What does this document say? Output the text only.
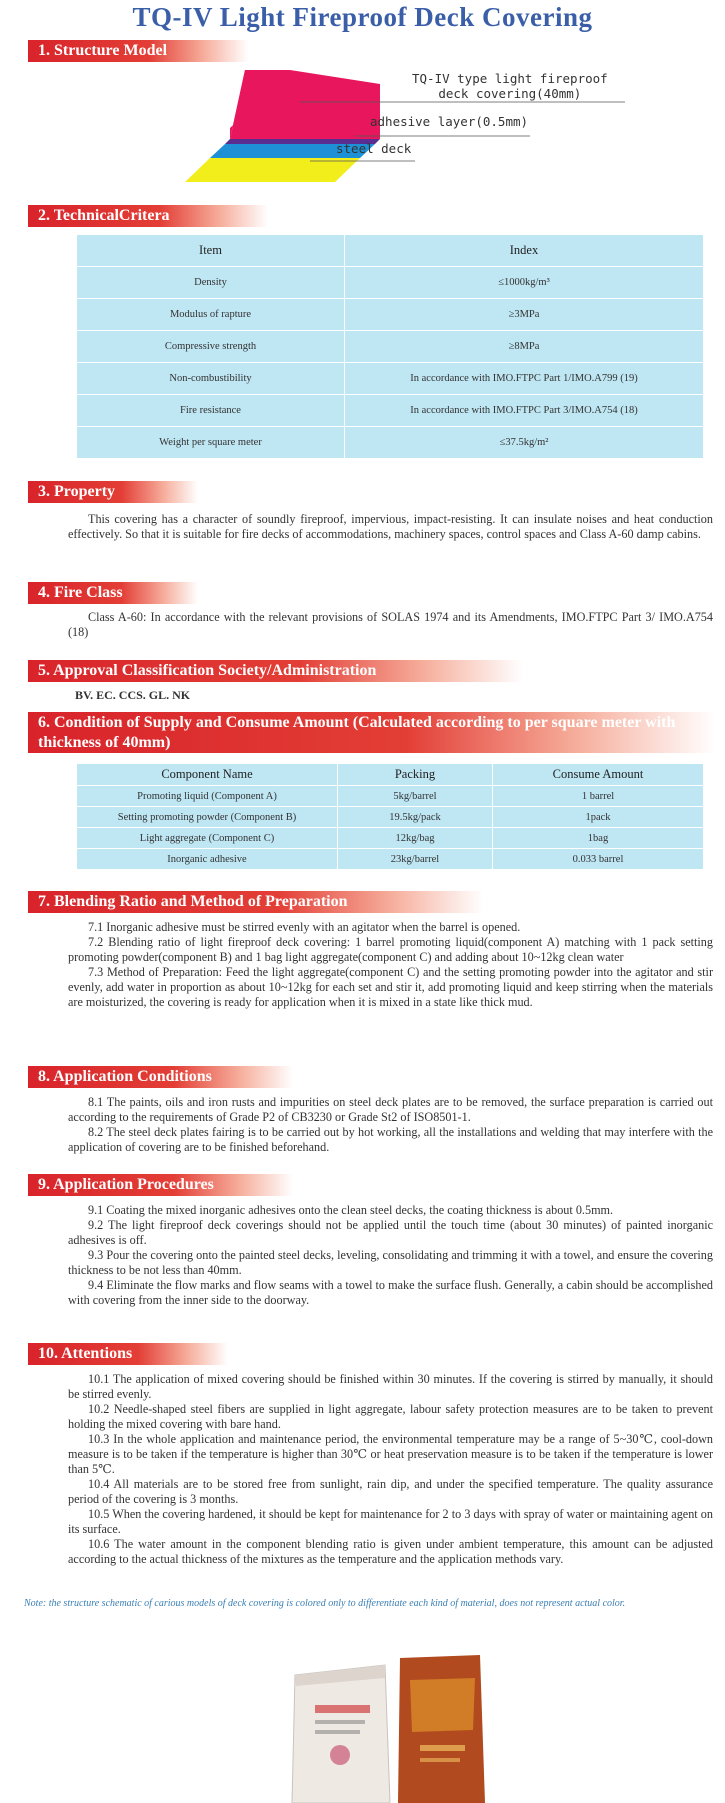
TQ-IV Light Fireproof Deck Covering
1. Structure Model
TQ-IV type light fireproof
deck covering(40mm)
adhesive layer(0.5mm)
steel deck
2. TechnicalCritera
Item	Index
Density	≤1000kg/m³
Modulus of rapture	≥3MPa
Compressive strength	≥8MPa
Non-combustibility	In accordance with IMO.FTPC Part 1/IMO.A799 (19)
Fire resistance	In accordance with IMO.FTPC Part 3/IMO.A754 (18)
Weight per square meter	≤37.5kg/m²
3. Property

This covering has a character of soundly fireproof, impervious, impact-resisting. It can insulate noises and heat conduction effectively. So that it is suitable for fire decks of accommodations, machinery spaces, control spaces and Class A-60 damp cabins.

4. Fire Class

Class A-60: In accordance with the relevant provisions of SOLAS 1974 and its Amendments, IMO.FTPC Part 3/ IMO.A754 (18)

5. Approval Classification Society/Administration
BV. EC. CCS. GL. NK
6. Condition of Supply and Consume Amount (Calculated according to per square meter with thickness of 40mm)
Component Name	Packing	Consume Amount
Promoting liquid (Component A)	5kg/barrel	1 barrel
Setting promoting powder (Component B)	19.5kg/pack	1pack
Light aggregate (Component C)	12kg/bag	1bag
Inorganic adhesive	23kg/barrel	0.033 barrel
7. Blending Ratio and Method of Preparation

7.1 Inorganic adhesive must be stirred evenly with an agitator when the barrel is opened.

7.2 Blending ratio of light fireproof deck covering: 1 barrel promoting liquid(component A) matching with 1 pack setting promoting powder(component B) and 1 bag light aggregate(component C) and adding about 10~12kg clean water

7.3 Method of Preparation: Feed the light aggregate(component C) and the setting promoting powder into the agitator and stir evenly, add water in proportion as about 10~12kg for each set and stir it, add promoting liquid and keep stirring when the materials are moisturized, the covering is ready for application when it is mixed in a state like thick mud.

8. Application Conditions

8.1 The paints, oils and iron rusts and impurities on steel deck plates are to be removed, the surface preparation is carried out according to the requirements of Grade P2 of CB3230 or Grade St2 of ISO8501-1.

8.2 The steel deck plates fairing is to be carried out by hot working, all the installations and welding that may interfere with the application of covering are to be finished beforehand.

9. Application Procedures

9.1 Coating the mixed inorganic adhesives onto the clean steel decks, the coating thickness is about 0.5mm.

9.2 The light fireproof deck coverings should not be applied until the touch time (about 30 minutes) of painted inorganic adhesives is off.

9.3 Pour the covering onto the painted steel decks, leveling, consolidating and trimming it with a towel, and ensure the covering thickness to be not less than 40mm.

9.4 Eliminate the flow marks and flow seams with a towel to make the surface flush. Generally, a cabin should be accomplished with covering from the inner side to the doorway.

10. Attentions

10.1 The application of mixed covering should be finished within 30 minutes. If the covering is stirred by manually, it should be stirred evenly.

10.2 Needle-shaped steel fibers are supplied in light aggregate, labour safety protection measures are to be taken to prevent holding the mixed covering with bare hand.

10.3 In the whole application and maintenance period, the environmental temperature may be a range of 5~30℃, cool-down measure is to be taken if the temperature is higher than 30℃ or heat preservation measure is to be taken if the temperature is lower than 5℃.

10.4 All materials are to be stored free from sunlight, rain dip, and under the specified temperature. The quality assurance period of the covering is 3 months.

10.5 When the covering hardened, it should be kept for maintenance for 2 to 3 days with spray of water or maintaining agent on its surface.

10.6 The water amount in the component blending ratio is given under ambient temperature, this amount can be adjusted according to the actual thickness of the mixtures as the temperature and the application methods vary.

Note: the structure schematic of carious models of deck covering is colored only to differentiate each kind of material, does not represent actual color.
